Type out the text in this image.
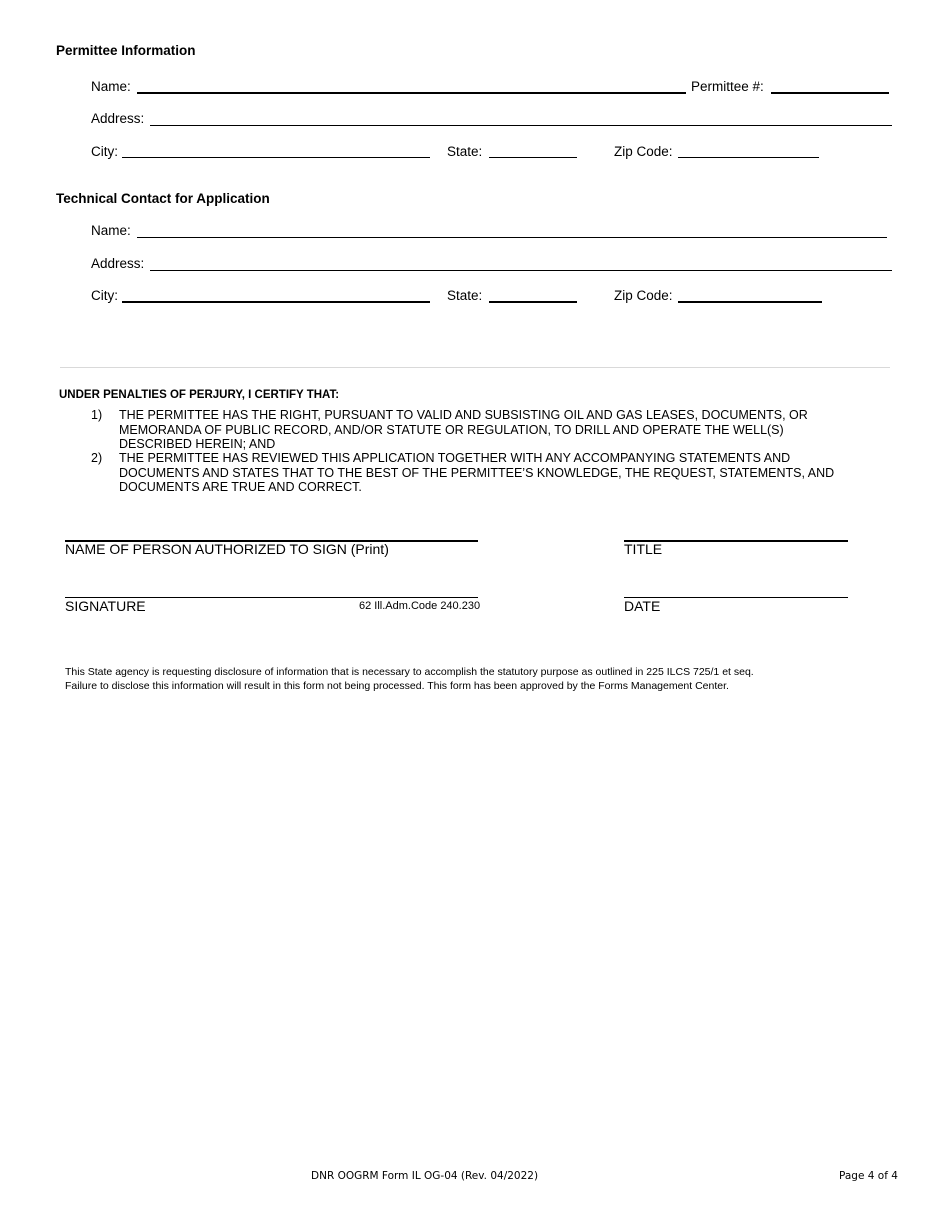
Permittee Information
Name:	Permittee #:
Address:
City:	State:	Zip Code:
Technical Contact for Application
Name:
Address:
City:	State:	Zip Code:
UNDER PENALTIES OF PERJURY, I CERTIFY THAT:
1) THE PERMITTEE HAS THE RIGHT, PURSUANT TO VALID AND SUBSISTING OIL AND GAS LEASES, DOCUMENTS, OR MEMORANDA OF PUBLIC RECORD, AND/OR STATUTE OR REGULATION, TO DRILL AND OPERATE THE WELL(S) DESCRIBED HEREIN; AND
2) THE PERMITTEE HAS REVIEWED THIS APPLICATION TOGETHER WITH ANY ACCOMPANYING STATEMENTS AND DOCUMENTS AND STATES THAT TO THE BEST OF THE PERMITTEE’S KNOWLEDGE, THE REQUEST, STATEMENTS, AND DOCUMENTS ARE TRUE AND CORRECT.
NAME OF PERSON AUTHORIZED TO SIGN (Print)	TITLE
SIGNATURE	62 Ill.Adm.Code 240.230	DATE
This State agency is requesting disclosure of information that is necessary to accomplish the statutory purpose as outlined in 225 ILCS 725/1 et seq.
Failure to disclose this information will result in this form not being processed. This form has been approved by the Forms Management Center.
DNR OOGRM Form IL OG-04 (Rev. 04/2022)	Page 4 of 4
